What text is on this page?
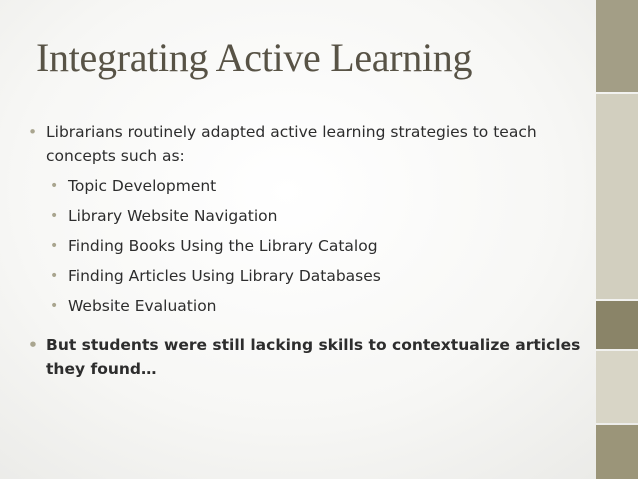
Integrating Active Learning
• Librarians routinely adapted active learning strategies to teach concepts such as:
• Topic Development
• Library Website Navigation
• Finding Books Using the Library Catalog
• Finding Articles Using Library Databases
• Website Evaluation
• But students were still lacking skills to contextualize articles they found…
